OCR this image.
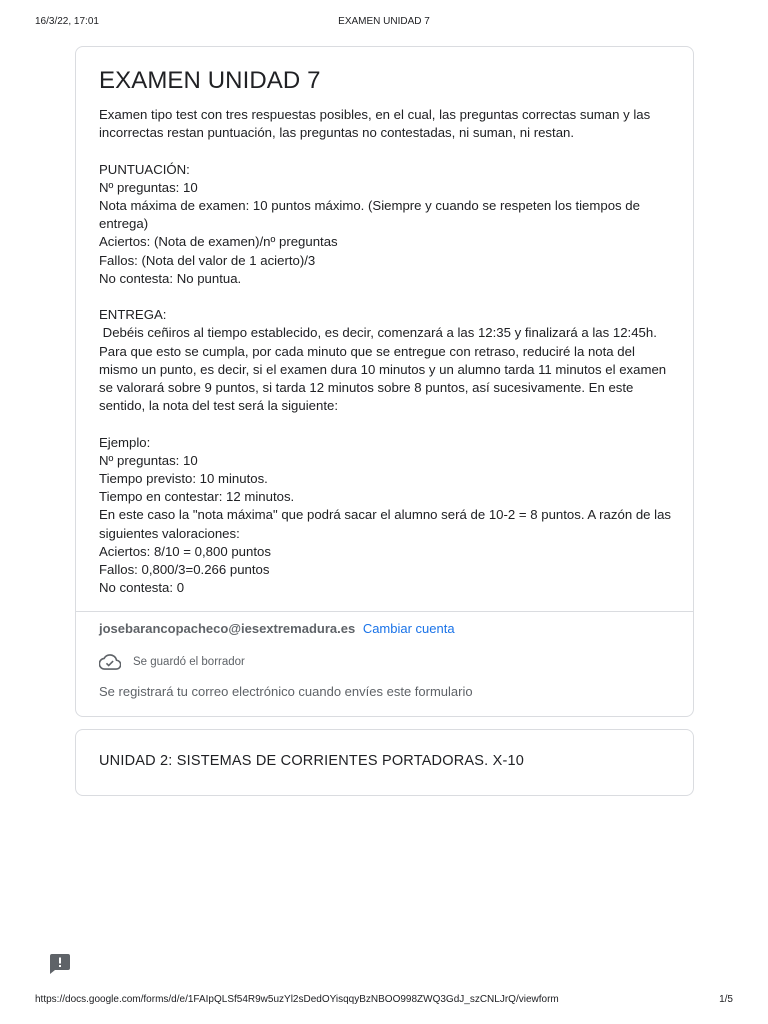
16/3/22, 17:01	EXAMEN UNIDAD 7
EXAMEN UNIDAD 7

Examen tipo test con tres respuestas posibles, en el cual, las preguntas correctas suman y las incorrectas restan puntuación, las preguntas no contestadas, ni suman, ni restan.

PUNTUACIÓN:
Nº preguntas: 10
Nota máxima de examen: 10 puntos máximo. (Siempre y cuando se respeten los tiempos de entrega)
Aciertos: (Nota de examen)/nº preguntas
Fallos: (Nota del valor de 1 acierto)/3
No contesta: No puntua.

ENTREGA:
Debéis ceñiros al tiempo establecido, es decir, comenzará a las 12:35 y finalizará a las 12:45h. Para que esto se cumpla, por cada minuto que se entregue con retraso, reduciré la nota del mismo un punto, es decir, si el examen dura 10 minutos y un alumno tarda 11 minutos el examen se valorará sobre 9 puntos, si tarda 12 minutos sobre 8 puntos, así sucesivamente. En este sentido, la nota del test será la siguiente:

Ejemplo:
Nº preguntas: 10
Tiempo previsto: 10 minutos.
Tiempo en contestar: 12 minutos.
En este caso la "nota máxima" que podrá sacar el alumno será de 10-2 = 8 puntos. A razón de las siguientes valoraciones:
Aciertos: 8/10 = 0,800 puntos
Fallos: 0,800/3=0.266 puntos
No contesta: 0

josebarancopacheco@iesextremadura.es Cambiar cuenta
Se guardó el borrador
Se registrará tu correo electrónico cuando envíes este formulario
UNIDAD 2: SISTEMAS DE CORRIENTES PORTADORAS. X-10
https://docs.google.com/forms/d/e/1FAIpQLSf54R9w5uzYl2sDedOYisqqyBzNBOO998ZWQ3GdJ_szCNLJrQ/viewform	1/5
